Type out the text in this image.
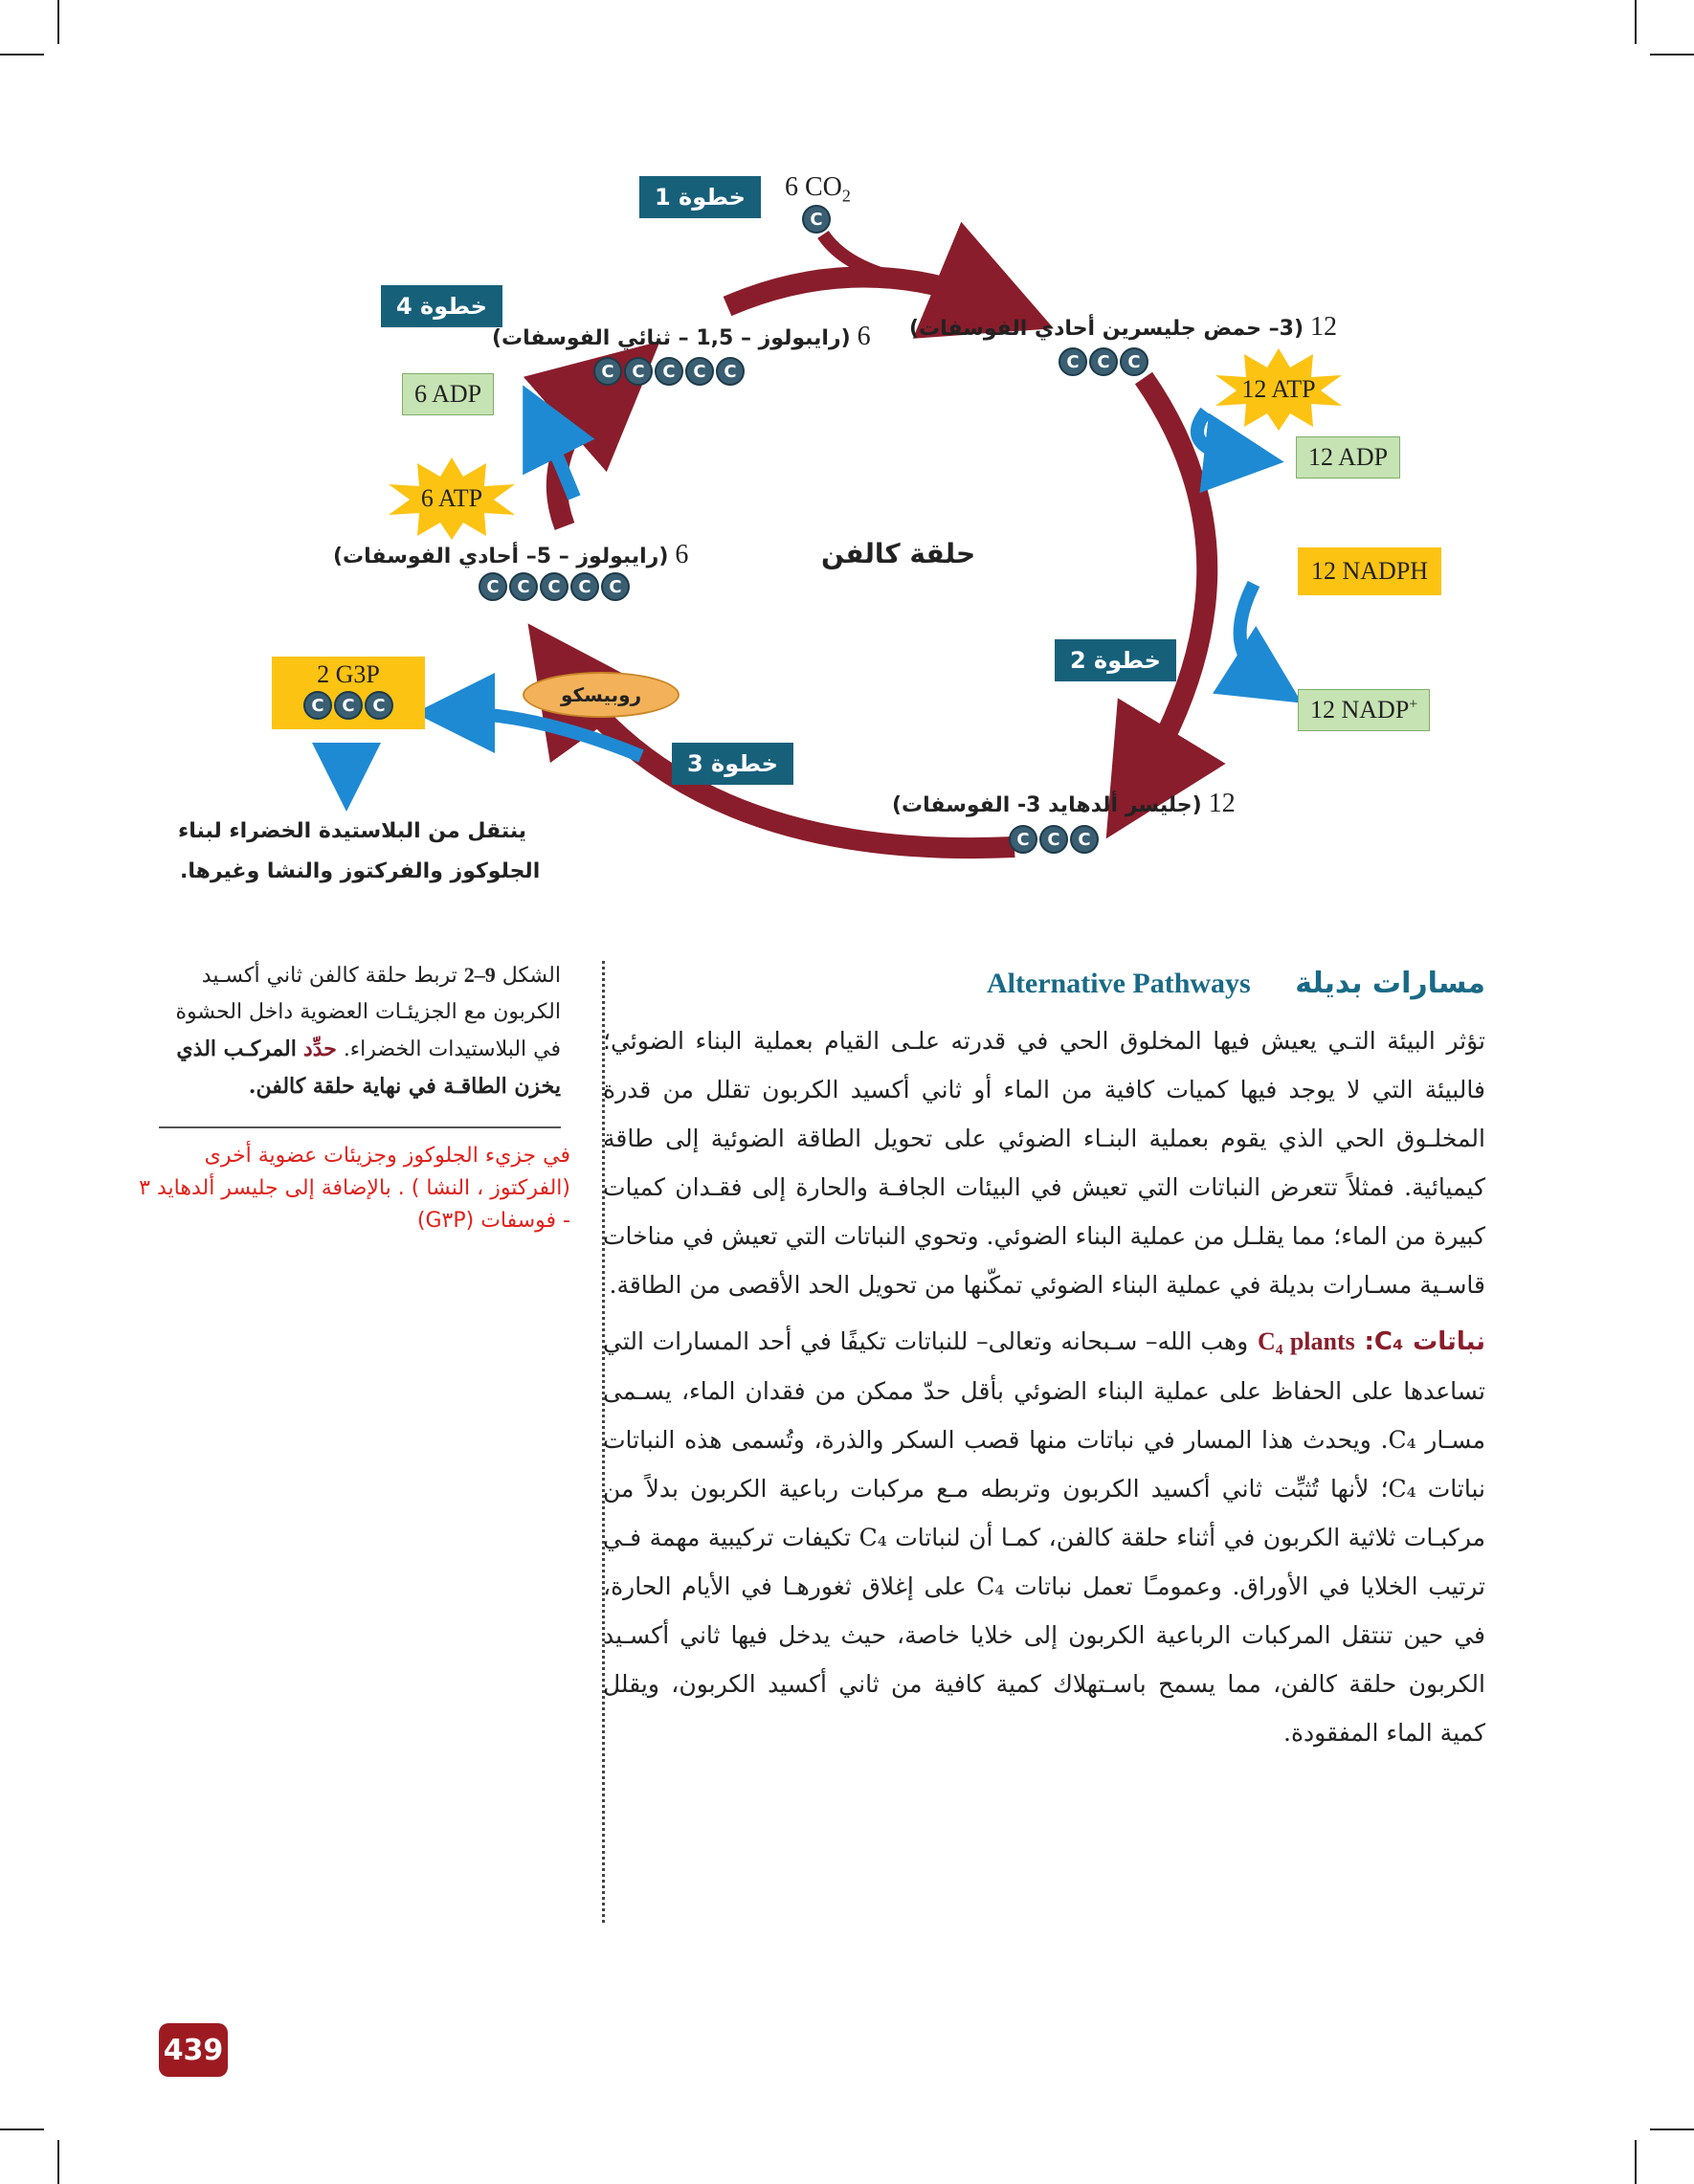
حلقة كالفن
خطوة 1
خطوة 2
خطوة 3
خطوة 4
6 $CO_2$
C
12 (3– حمض جليسرين أحادي الفوسفات)
C	C	C
6 (رايبولوز – 1,5 – ثنائي الفوسفات)
C	C	C	C	C
6 (رايبولوز – 5– أحادي الفوسفات)
C	C	C	C	C
12 (جليسر ألدهايد 3- الفوسفات)
C	C	C
12 ATP
12 ADP
12 NADPH
12 NADP+
6 ATP
6 ADP
روبيسكو
2 G3P
C	C	C
ينتقل من البلاستيدة الخضراء لبناء
الجلوكوز والفركتوز والنشا وغيرها.

الشكل 9–2 تربط حلقة كالفن ثاني أكسـيد الكربون مع الجزيئـات العضوية داخل الحشوة في البلاستيدات الخضراء. حدِّد المركـب الذي يخزن الطاقـة في نهاية حلقة كالفن.

في جزيء الجلوكوز وجزيئات عضوية أخرى
(الفركتوز ، النشا ) . بالإضافة إلى جليسر ألدهايد ٣
- فوسفات (G٣P)
مسارات بديلة Alternative Pathways

تؤثر البيئة التـي يعيش فيها المخلوق الحي في قدرته علـى القيام بعملية البناء الضوئي؛ فالبيئة التي لا يوجد فيها كميات كافية من الماء أو ثاني أكسيد الكربون تقلل من قدرة المخلـوق الحي الذي يقوم بعملية البنـاء الضوئي على تحويل الطاقة الضوئية إلى طاقة كيميائية. فمثلاً تتعرض النباتات التي تعيش في البيئات الجافـة والحارة إلى فقـدان كميات كبيرة من الماء؛ مما يقلـل من عملية البناء الضوئي. وتحوي النباتات التي تعيش في مناخات قاسـية مسـارات بديلة في عملية البناء الضوئي تمكّنها من تحويل الحد الأقصى من الطاقة.

نباتات C₄: C₄ plants وهب الله– سـبحانه وتعالى– للنباتات تكيفًا في أحد المسارات التي تساعدها على الحفاظ على عملية البناء الضوئي بأقل حدّ ممكن من فقدان الماء، يسـمى مسـار C₄. ويحدث هذا المسار في نباتات منها قصب السكر والذرة، وتُسمى هذه النباتات نباتات C₄؛ لأنها تُثبِّت ثاني أكسيد الكربون وتربطه مـع مركبات رباعية الكربون بدلاً من مركبـات ثلاثية الكربون في أثناء حلقة كالفن، كمـا أن لنباتات C₄ تكيفات تركيبية مهمة فـي ترتيب الخلايا في الأوراق. وعمومـًا تعمل نباتات C₄ على إغلاق ثغورهـا في الأيام الحارة، في حين تنتقل المركبات الرباعية الكربون إلى خلايا خاصة، حيث يدخل فيها ثاني أكسـيد الكربون حلقة كالفن، مما يسمح باسـتهلاك كمية كافية من ثاني أكسيد الكربون، ويقلل كمية الماء المفقودة.

439
